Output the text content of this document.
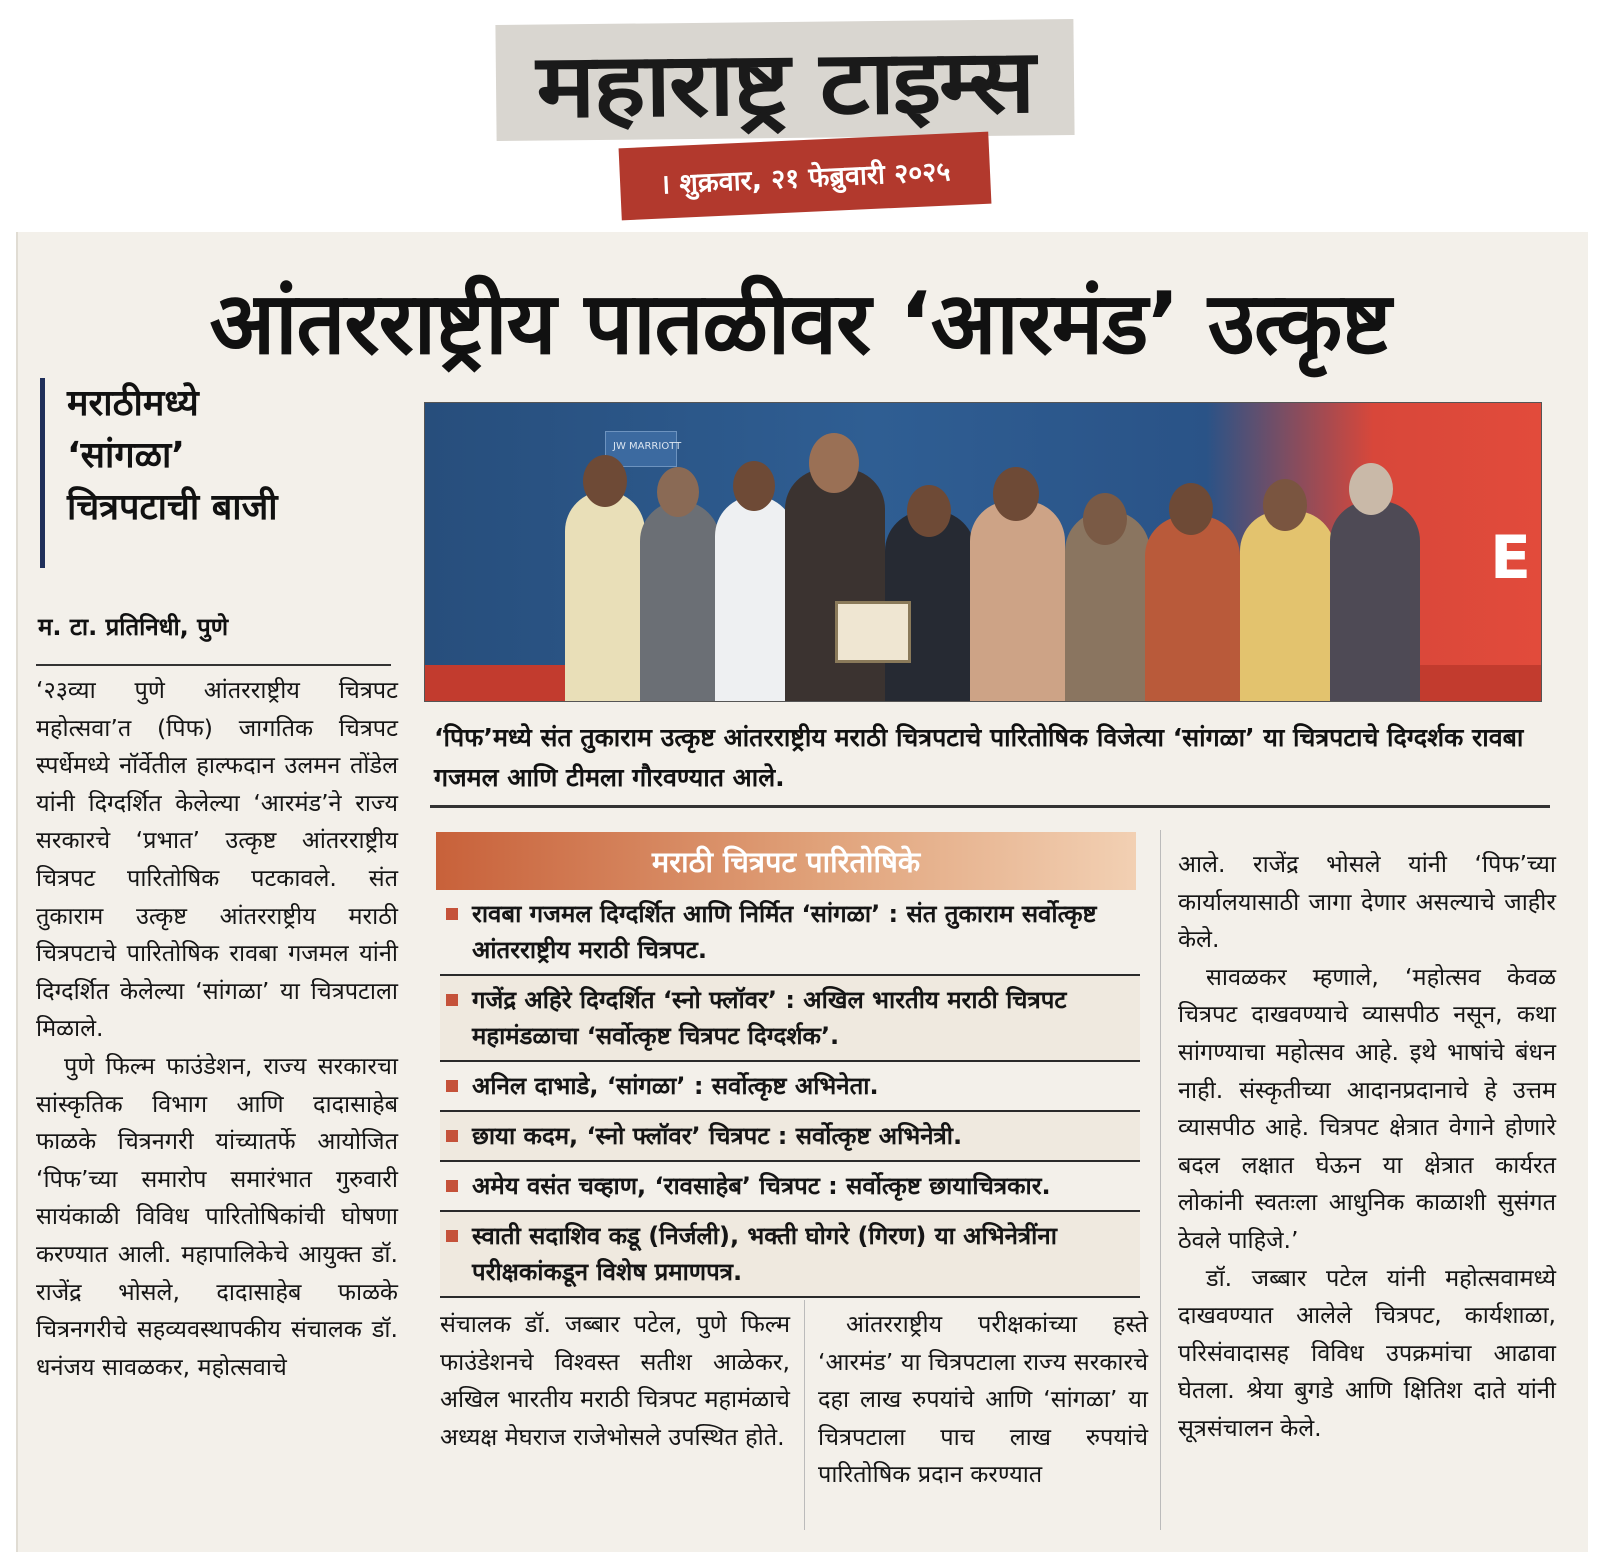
महाराष्ट्र टाइम्स
। शुक्रवार, २१ फेब्रुवारी २०२५
आंतरराष्ट्रीय पातळीवर ‘आरमंड’ उत्कृष्ट
मराठीमध्ये
‘सांगळा’
चित्रपटाची बाजी
म. टा. प्रतिनिधी, पुणे

‘२३व्या पुणे आंतरराष्ट्रीय चित्रपट महोत्सवा’त (पिफ) जागतिक चित्रपट स्पर्धेमध्ये नॉर्वेतील हाल्फदान उलमन तोंडेल यांनी दिग्दर्शित केलेल्या ‘आरमंड’ने राज्य सरकारचे ‘प्रभात’ उत्कृष्ट आंतरराष्ट्रीय चित्रपट पारितोषिक पटकावले. संत तुकाराम उत्कृष्ट आंतरराष्ट्रीय मराठी चित्रपटाचे पारितोषिक रावबा गजमल यांनी दिग्दर्शित केलेल्या ‘सांगळा’ या चित्रपटाला मिळाले.

पुणे फिल्म फाउंडेशन, राज्य सरकारचा सांस्कृतिक विभाग आणि दादासाहेब फाळके चित्रनगरी यांच्यातर्फे आयोजित ‘पिफ’च्या समारोप समारंभात गुरुवारी सायंकाळी विविध पारितोषिकांची घोषणा करण्यात आली. महापालिकेचे आयुक्त डॉ. राजेंद्र भोसले, दादासाहेब फाळके चित्रनगरीचे सहव्यवस्थापकीय संचालक डॉ. धनंजय सावळकर, महोत्सवाचे

JW MARRIOTT
E
‘पिफ’मध्ये संत तुकाराम उत्कृष्ट आंतरराष्ट्रीय मराठी चित्रपटाचे पारितोषिक विजेत्या ‘सांगळा’ या चित्रपटाचे दिग्दर्शक रावबा गजमल आणि टीमला गौरवण्यात आले.
मराठी चित्रपट पारितोषिके
रावबा गजमल दिग्दर्शित आणि निर्मित ‘सांगळा’ : संत तुकाराम सर्वोत्कृष्ट आंतरराष्ट्रीय मराठी चित्रपट.
गजेंद्र अहिरे दिग्दर्शित ‘स्नो फ्लॉवर’ : अखिल भारतीय मराठी चित्रपट महामंडळाचा ‘सर्वोत्कृष्ट चित्रपट दिग्दर्शक’.
अनिल दाभाडे, ‘सांगळा’ : सर्वोत्कृष्ट अभिनेता.
छाया कदम, ‘स्नो फ्लॉवर’ चित्रपट : सर्वोत्कृष्ट अभिनेत्री.
अमेय वसंत चव्हाण, ‘रावसाहेब’ चित्रपट : सर्वोत्कृष्ट छायाचित्रकार.
स्वाती सदाशिव कडू (निर्जली), भक्ती घोगरे (गिरण) या अभिनेत्रींना परीक्षकांकडून विशेष प्रमाणपत्र.

संचालक डॉ. जब्बार पटेल, पुणे फिल्म फाउंडेशनचे विश्वस्त सतीश आळेकर, अखिल भारतीय मराठी चित्रपट महामंळाचे अध्यक्ष मेघराज राजेभोसले उपस्थित होते.

आंतरराष्ट्रीय परीक्षकांच्या हस्ते ‘आरमंड’ या चित्रपटाला राज्य सरकारचे दहा लाख रुपयांचे आणि ‘सांगळा’ या चित्रपटाला पाच लाख रुपयांचे पारितोषिक प्रदान करण्यात

आले. राजेंद्र भोसले यांनी ‘पिफ’च्या कार्यालयासाठी जागा देणार असल्याचे जाहीर केले.

सावळकर म्हणाले, ‘महोत्सव केवळ चित्रपट दाखवण्याचे व्यासपीठ नसून, कथा सांगण्याचा महोत्सव आहे. इथे भाषांचे बंधन नाही. संस्कृतीच्या आदानप्रदानाचे हे उत्तम व्यासपीठ आहे. चित्रपट क्षेत्रात वेगाने होणारे बदल लक्षात घेऊन या क्षेत्रात कार्यरत लोकांनी स्वतःला आधुनिक काळाशी सुसंगत ठेवले पाहिजे.’

डॉ. जब्बार पटेल यांनी महोत्सवामध्ये दाखवण्यात आलेले चित्रपट, कार्यशाळा, परिसंवादासह विविध उपक्रमांचा आढावा घेतला. श्रेया बुगडे आणि क्षितिश दाते यांनी सूत्रसंचालन केले.
